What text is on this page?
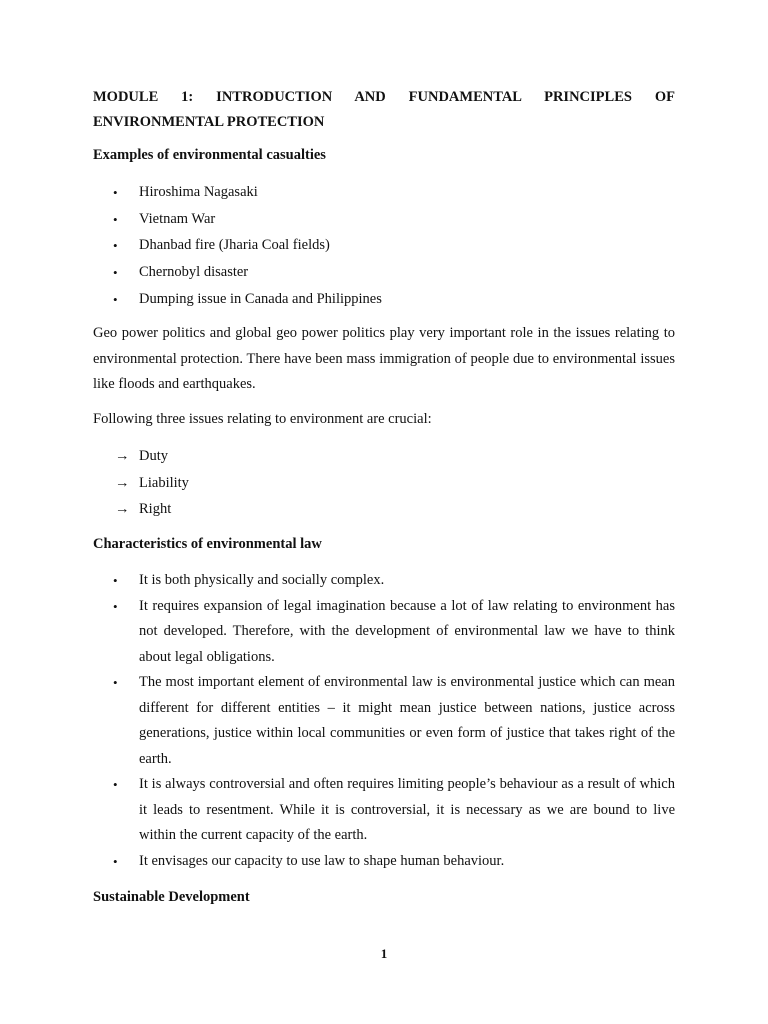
MODULE 1: INTRODUCTION AND FUNDAMENTAL PRINCIPLES OF
ENVIRONMENTAL PROTECTION
Examples of environmental casualties
• Hiroshima Nagasaki
• Vietnam War
• Dhanbad fire (Jharia Coal fields)
• Chernobyl disaster
• Dumping issue in Canada and Philippines

Geo power politics and global geo power politics play very important role in the issues relating to environmental protection. There have been mass immigration of people due to environmental issues like floods and earthquakes.

Following three issues relating to environment are crucial:

→ Duty
→ Liability
→ Right
Characteristics of environmental law
• It is both physically and socially complex.
• It requires expansion of legal imagination because a lot of law relating to environment has not developed. Therefore, with the development of environmental law we have to think about legal obligations.
• The most important element of environmental law is environmental justice which can mean different for different entities – it might mean justice between nations, justice across generations, justice within local communities or even form of justice that takes right of the earth.
• It is always controversial and often requires limiting people’s behaviour as a result of which it leads to resentment. While it is controversial, it is necessary as we are bound to live within the current capacity of the earth.
• It envisages our capacity to use law to shape human behaviour.
Sustainable Development
1
